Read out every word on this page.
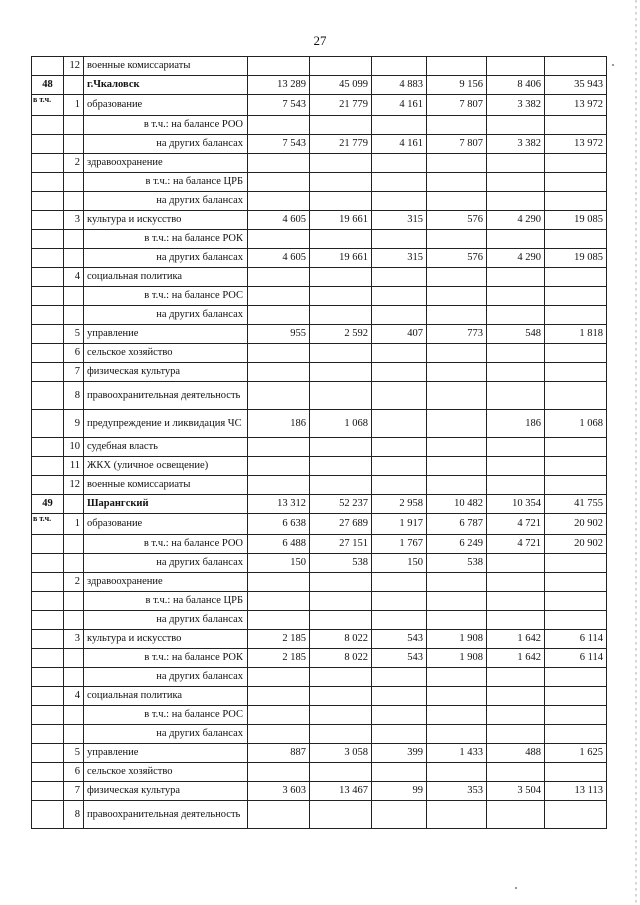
27
	12	военные комиссариаты						
48		г.Чкаловск	13 289	45 099	4 883	9 156	8 406	35 943
в т.ч.	1	образование	7 543	21 779	4 161	7 807	3 382	13 972
		в т.ч.: на балансе РОО						
		на других балансах	7 543	21 779	4 161	7 807	3 382	13 972
	2	здравоохранение						
		в т.ч.: на балансе ЦРБ						
		на других балансах						
	3	культура и искусство	4 605	19 661	315	576	4 290	19 085
		в т.ч.: на балансе РОК						
		на других балансах	4 605	19 661	315	576	4 290	19 085
	4	социальная политика						
		в т.ч.: на балансе РОС						
		на других балансах						
	5	управление	955	2 592	407	773	548	1 818
	6	сельское хозяйство						
	7	физическая культура						
	8	правоохранительная деятельность						
	9	предупреждение и ликвидация ЧС	186	1 068			186	1 068
	10	судебная власть						
	11	ЖКХ (уличное освещение)						
	12	военные комиссариаты						
49		Шарангский	13 312	52 237	2 958	10 482	10 354	41 755
в т.ч.	1	образование	6 638	27 689	1 917	6 787	4 721	20 902
		в т.ч.: на балансе РОО	6 488	27 151	1 767	6 249	4 721	20 902
		на других балансах	150	538	150	538		
	2	здравоохранение						
		в т.ч.: на балансе ЦРБ						
		на других балансах						
	3	культура и искусство	2 185	8 022	543	1 908	1 642	6 114
		в т.ч.: на балансе РОК	2 185	8 022	543	1 908	1 642	6 114
		на других балансах						
	4	социальная политика						
		в т.ч.: на балансе РОС						
		на других балансах						
	5	управление	887	3 058	399	1 433	488	1 625
	6	сельское хозяйство						
	7	физическая культура	3 603	13 467	99	353	3 504	13 113
	8	правоохранительная деятельность						
